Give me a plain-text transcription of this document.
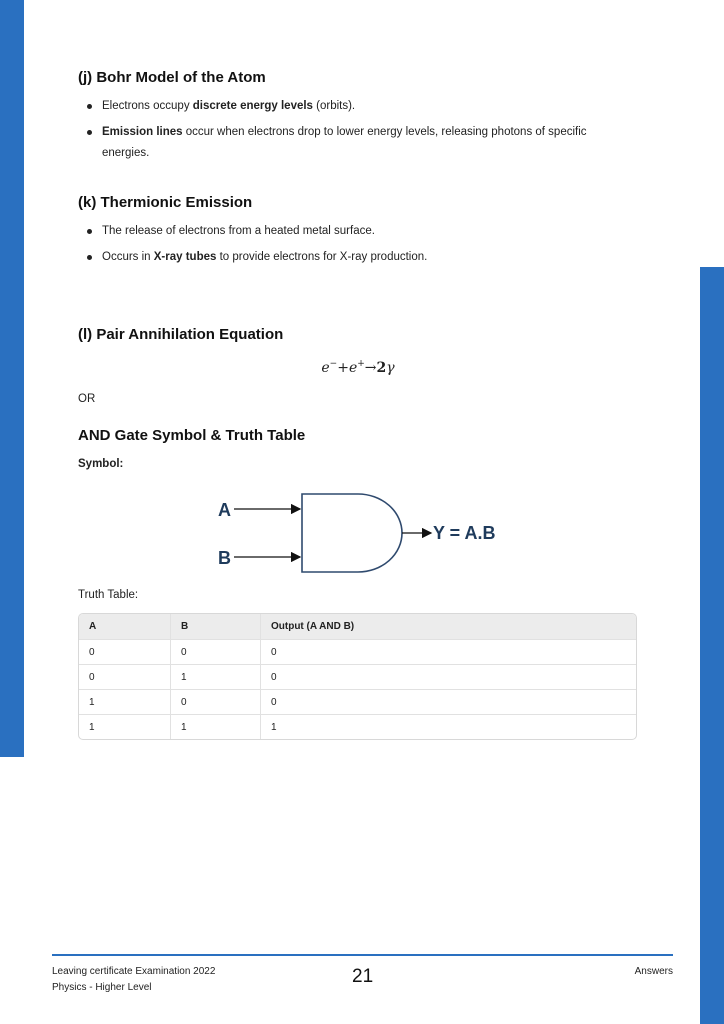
(j) Bohr Model of the Atom
Electrons occupy discrete energy levels (orbits).
Emission lines occur when electrons drop to lower energy levels, releasing photons of specific energies.
(k) Thermionic Emission
The release of electrons from a heated metal surface.
Occurs in X-ray tubes to provide electrons for X-ray production.
(l) Pair Annihilation Equation
e−+e+→2γ

OR

AND Gate Symbol & Truth Table

Symbol:

A
B
Y = A.B

Truth Table:

A	B	Output (A AND B)
0	0	0
0	1	0
1	0	0
1	1	1
Leaving certificate Examination 2022
Physics - Higher Level
21	Answers
